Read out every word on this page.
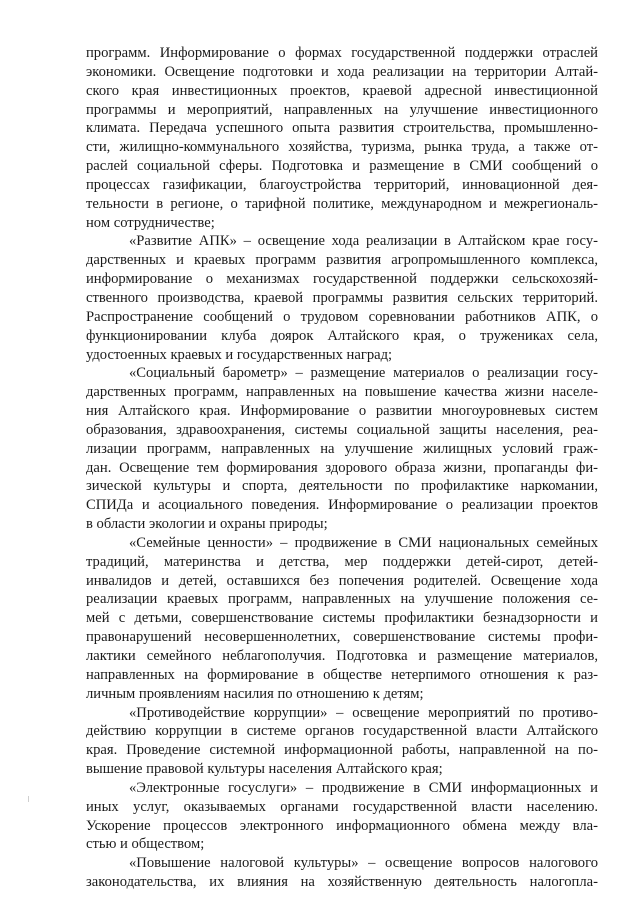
программ. Информирование о формах государственной поддержки отраслей
экономики. Освещение подготовки и хода реализации на территории Алтай-
ского края инвестиционных проектов, краевой адресной инвестиционной
программы и мероприятий, направленных на улучшение инвестиционного
климата. Передача успешного опыта развития строительства, промышленно-
сти, жилищно-коммунального хозяйства, туризма, рынка труда, а также от-
раслей социальной сферы. Подготовка и размещение в СМИ сообщений о
процессах газификации, благоустройства территорий, инновационной дея-
тельности в регионе, о тарифной политике, международном и межрегиональ-
ном сотрудничестве;
«Развитие АПК» – освещение хода реализации в Алтайском крае госу-
дарственных и краевых программ развития агропромышленного комплекса,
информирование о механизмах государственной поддержки сельскохозяй-
ственного производства, краевой программы развития сельских территорий.
Распространение сообщений о трудовом соревновании работников АПК, о
функционировании клуба доярок Алтайского края, о тружениках села,
удостоенных краевых и государственных наград;
«Социальный барометр» – размещение материалов о реализации госу-
дарственных программ, направленных на повышение качества жизни населе-
ния Алтайского края. Информирование о развитии многоуровневых систем
образования, здравоохранения, системы социальной защиты населения, реа-
лизации программ, направленных на улучшение жилищных условий граж-
дан. Освещение тем формирования здорового образа жизни, пропаганды фи-
зической культуры и спорта, деятельности по профилактике наркомании,
СПИДа и асоциального поведения. Информирование о реализации проектов
в области экологии и охраны природы;
«Семейные ценности» – продвижение в СМИ национальных семейных
традиций, материнства и детства, мер поддержки детей-сирот, детей-
инвалидов и детей, оставшихся без попечения родителей. Освещение хода
реализации краевых программ, направленных на улучшение положения се-
мей с детьми, совершенствование системы профилактики безнадзорности и
правонарушений несовершеннолетних, совершенствование системы профи-
лактики семейного неблагополучия. Подготовка и размещение материалов,
направленных на формирование в обществе нетерпимого отношения к раз-
личным проявлениям насилия по отношению к детям;
«Противодействие коррупции» – освещение мероприятий по противо-
действию коррупции в системе органов государственной власти Алтайского
края. Проведение системной информационной работы, направленной на по-
вышение правовой культуры населения Алтайского края;
«Электронные госуслуги» – продвижение в СМИ информационных и
иных услуг, оказываемых органами государственной власти населению.
Ускорение процессов электронного информационного обмена между вла-
стью и обществом;
«Повышение налоговой культуры» – освещение вопросов налогового
законодательства, их влияния на хозяйственную деятельность налогопла-
